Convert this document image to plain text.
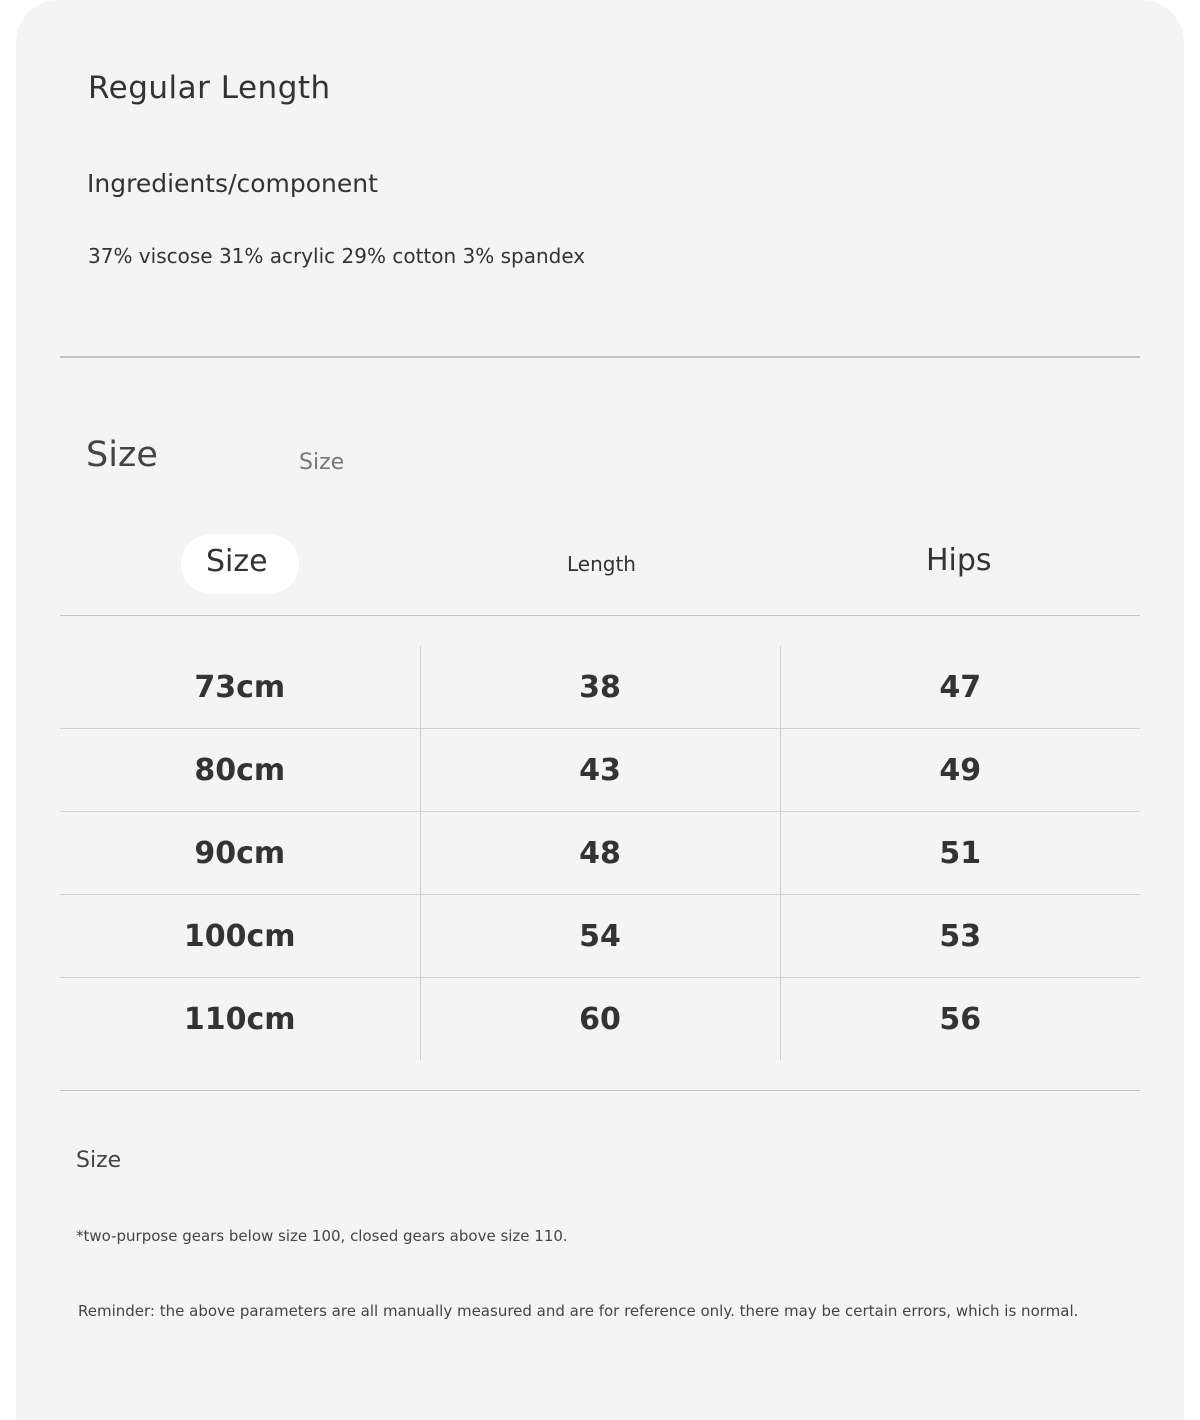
Regular Length
Ingredients/component
37% viscose 31% acrylic 29% cotton 3% spandex
Size	Size
Size	Length	Hips
73cm	38	47
80cm	43	49
90cm	48	51
100cm	54	53
110cm	60	56
Size
*two-purpose gears below size 100, closed gears above size 110.
Reminder: the above parameters are all manually measured and are for reference only. there may be certain errors, which is normal.
